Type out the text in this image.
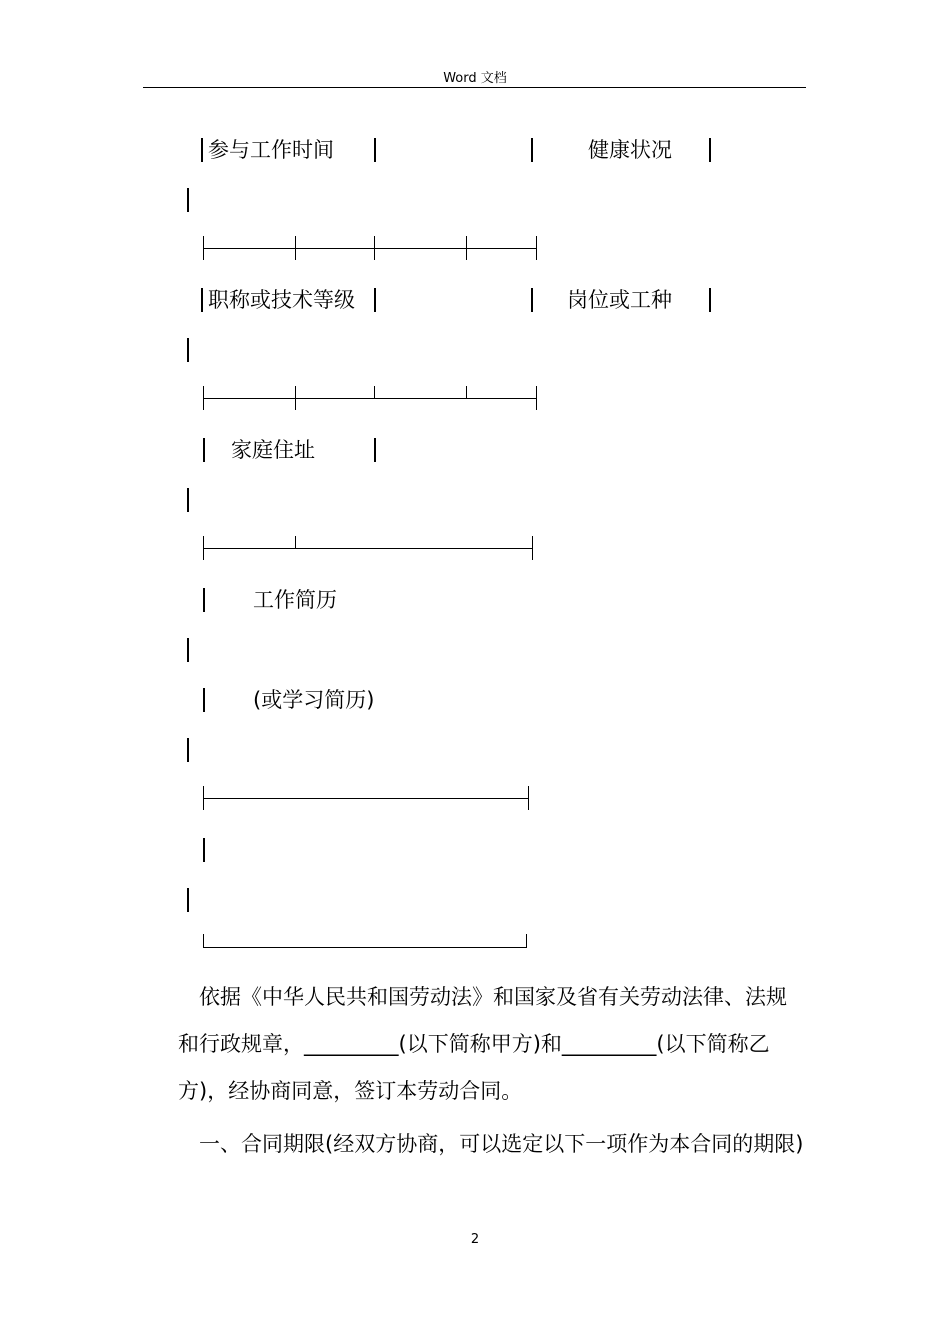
Word 文档
参与工作时间	健康状况
职称或技术等级	岗位或工种
家庭住址
工作简历
(或学习简历)

依据《中华人民共和国劳动法》和国家及省有关劳动法律、法规和行政规章，_________(以下简称甲方)和_________(以下简称乙方)，经协商同意，签订本劳动合同。

一、合同期限(经双方协商，可以选定以下一项作为本合同的期限)

2
